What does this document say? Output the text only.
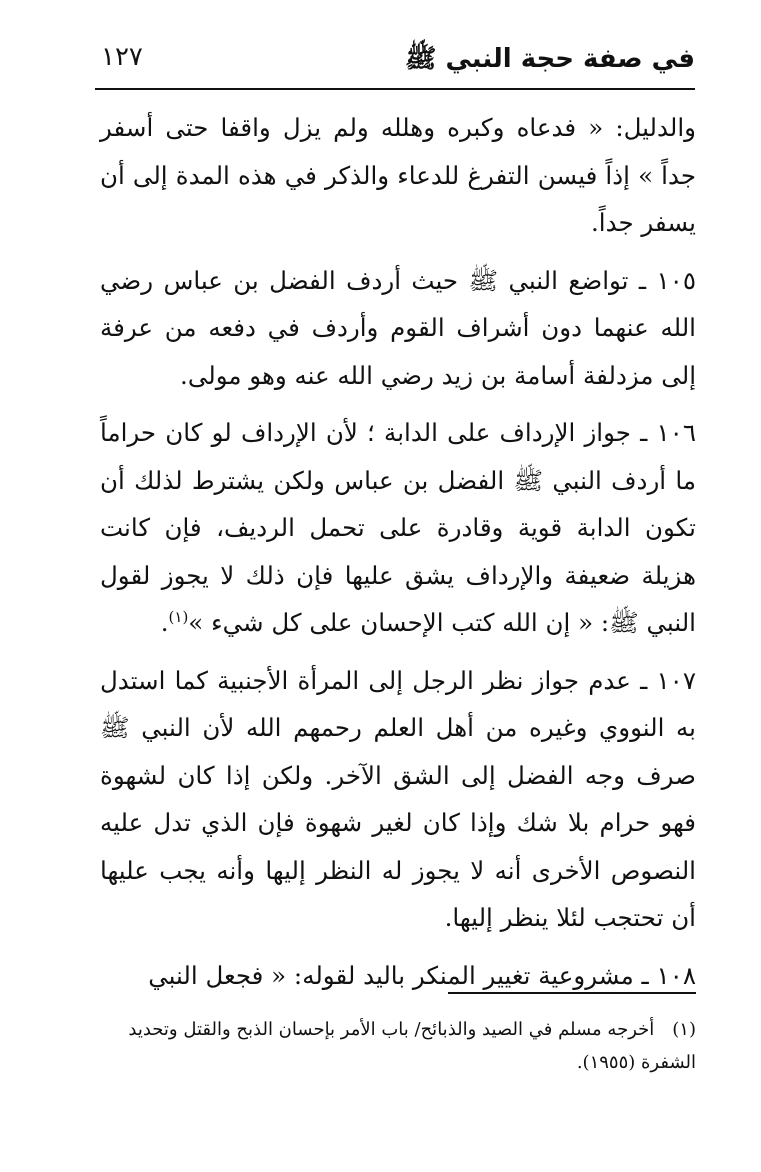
في صفة حجة النبي ﷺ
١٢٧

والدليل: « فدعاه وكبره وهلله ولم يزل واقفا حتى أسفر جداً » إذاً فيسن التفرغ للدعاء والذكر في هذه المدة إلى أن يسفر جداً.

١٠٥ ـ تواضع النبي ﷺ حيث أردف الفضل بن عباس رضي الله عنهما دون أشراف القوم وأردف في دفعه من عرفة إلى مزدلفة أسامة بن زيد رضي الله عنه وهو مولى.

١٠٦ ـ جواز الإرداف على الدابة ؛ لأن الإرداف لو كان حراماً ما أردف النبي ﷺ الفضل بن عباس ولكن يشترط لذلك أن تكون الدابة قوية وقادرة على تحمل الرديف، فإن كانت هزيلة ضعيفة والإرداف يشق عليها فإن ذلك لا يجوز لقول النبي ﷺ: « إن الله كتب الإحسان على كل شيء »$^{(١)}$.

١٠٧ ـ عدم جواز نظر الرجل إلى المرأة الأجنبية كما استدل به النووي وغيره من أهل العلم رحمهم الله لأن النبي ﷺ صرف وجه الفضل إلى الشق الآخر. ولكن إذا كان لشهوة فهو حرام بلا شك وإذا كان لغير شهوة فإن الذي تدل عليه النصوص الأخرى أنه لا يجوز له النظر إليها وأنه يجب عليها أن تحتجب لئلا ينظر إليها.

١٠٨ ـ مشروعية تغيير المنكر باليد لقوله: « فجعل النبي

(١)أخرجه مسلم في الصيد والذبائح/ باب الأمر بإحسان الذبح والقتل وتحديد الشفرة (١٩٥٥).
